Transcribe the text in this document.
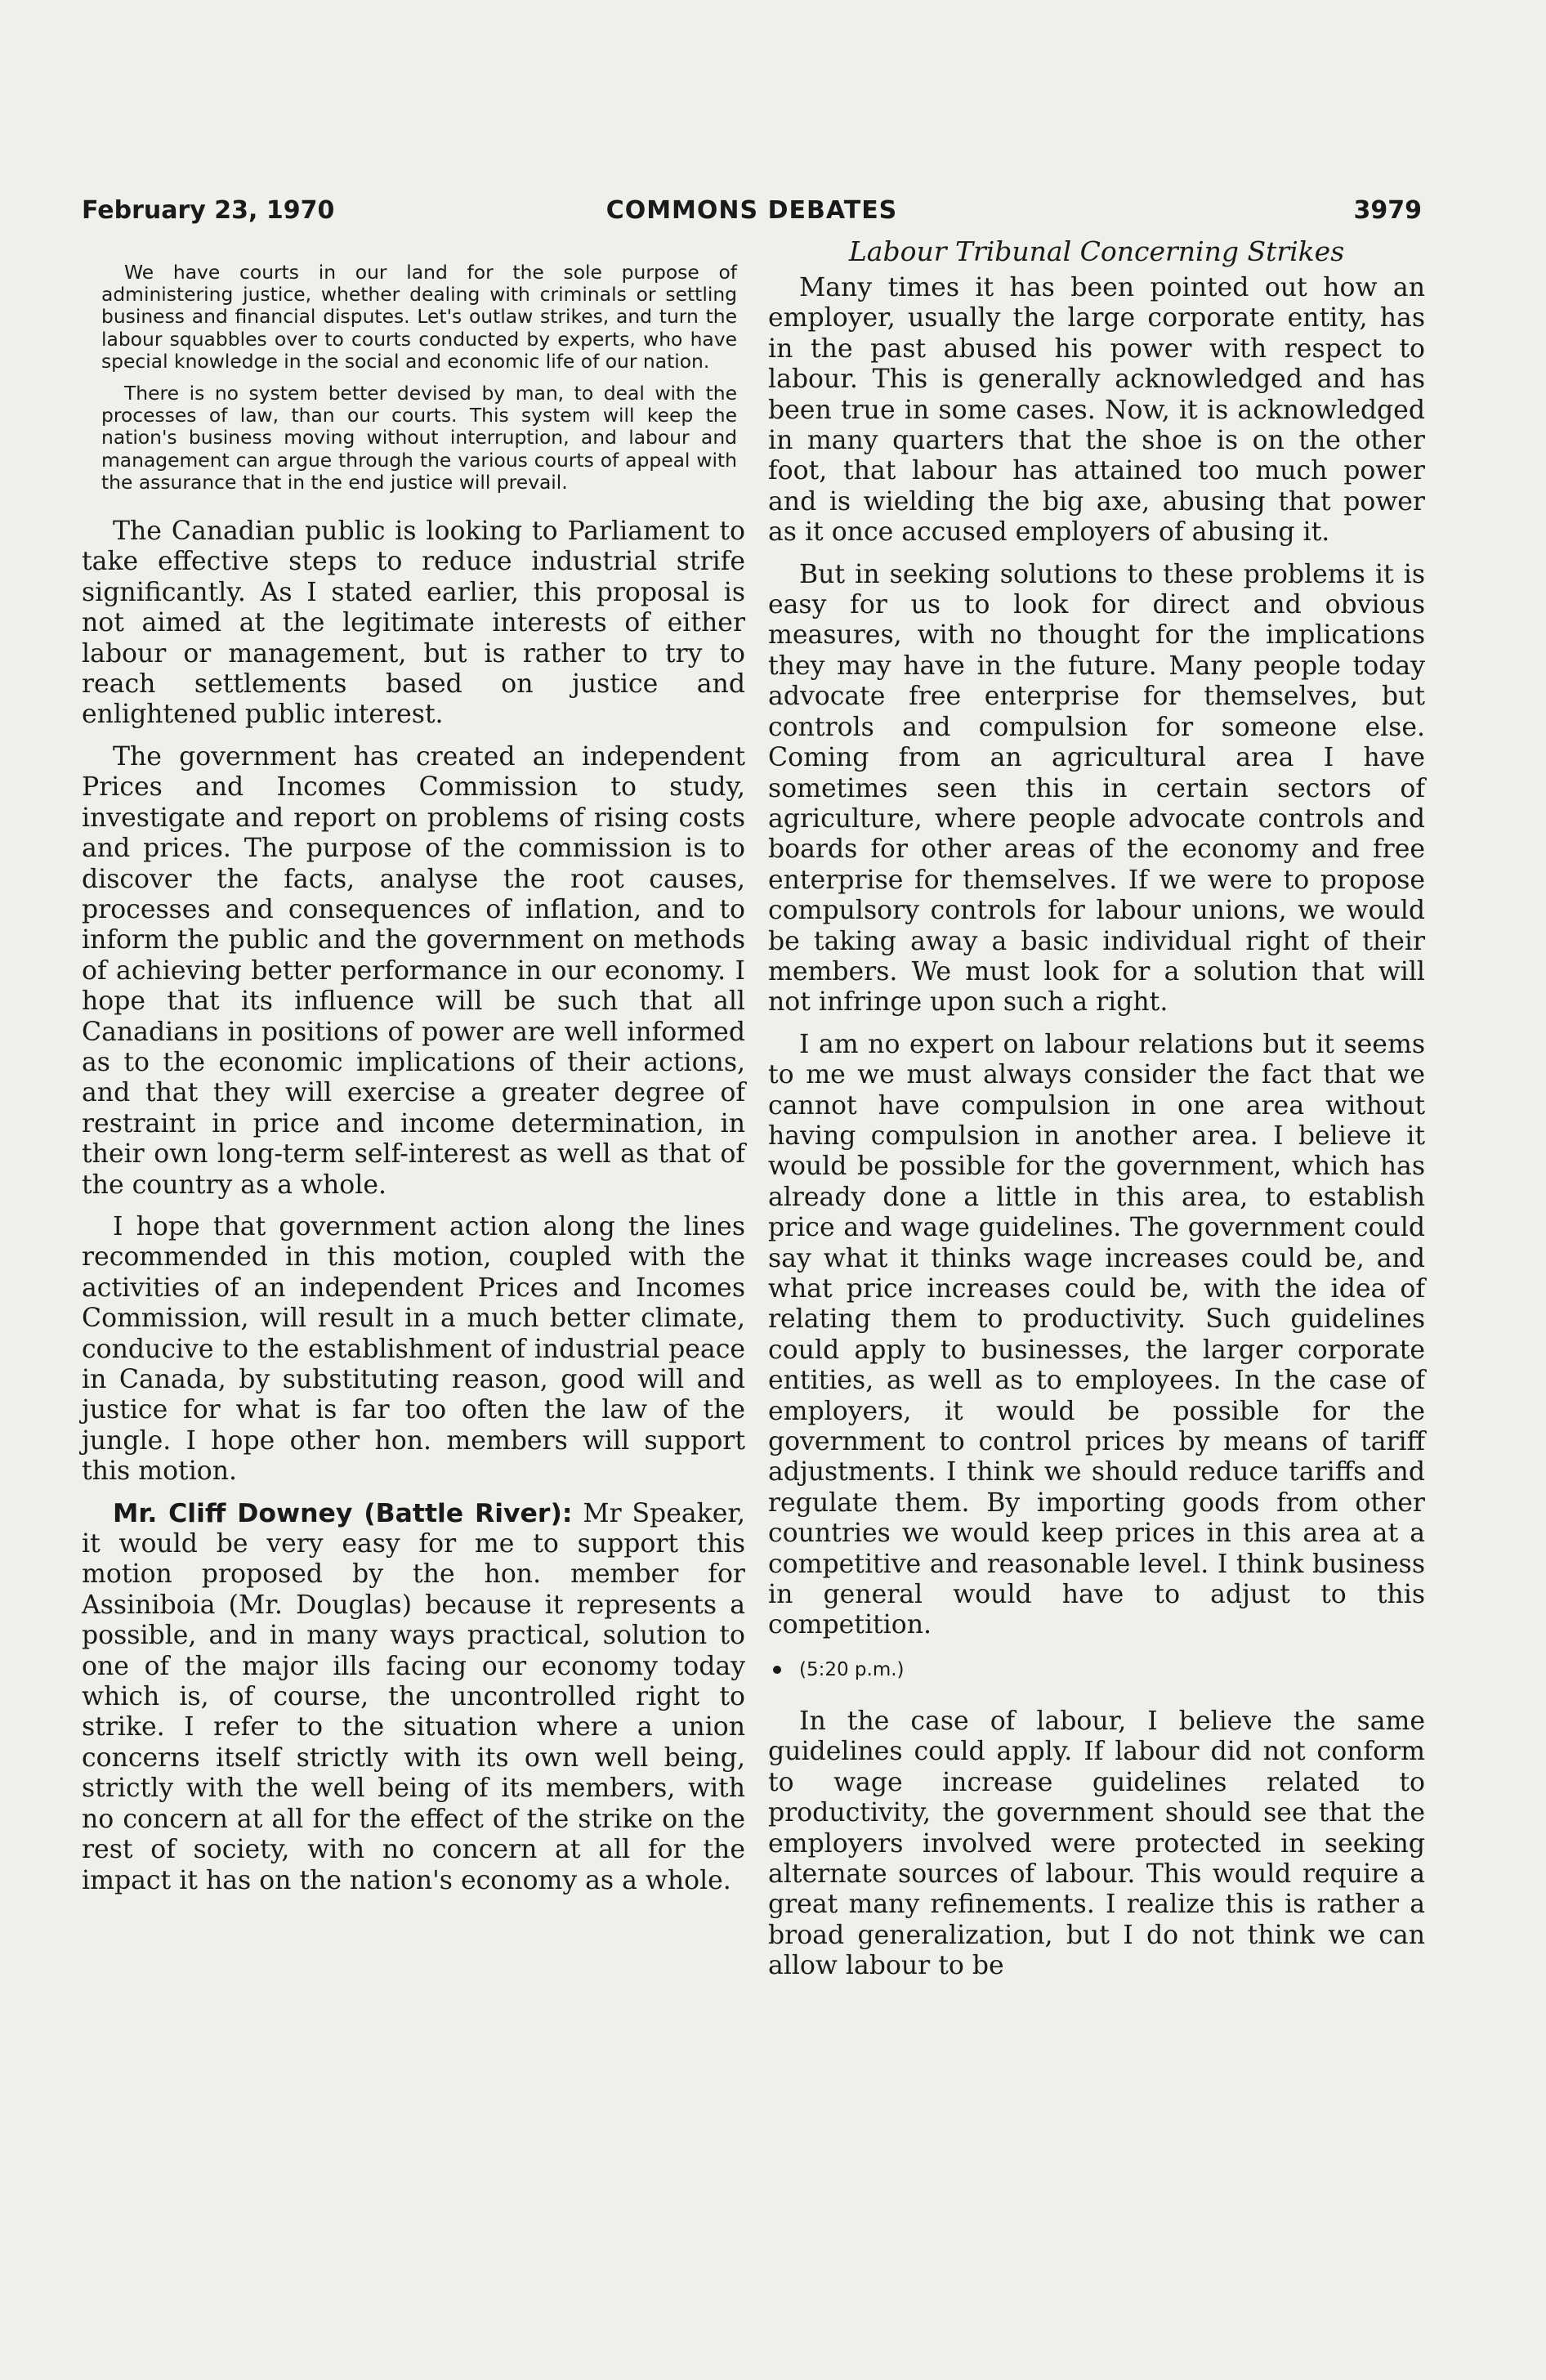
February 23, 1970	COMMONS DEBATES	3979

We have courts in our land for the sole purpose of administering justice, whether dealing with criminals or settling business and financial disputes. Let's outlaw strikes, and turn the labour squabbles over to courts conducted by experts, who have special knowledge in the social and economic life of our nation.

There is no system better devised by man, to deal with the processes of law, than our courts. This system will keep the nation's business moving without interruption, and labour and management can argue through the various courts of appeal with the assurance that in the end justice will prevail.

The Canadian public is looking to Parliament to take effective steps to reduce industrial strife significantly. As I stated earlier, this proposal is not aimed at the legitimate interests of either labour or management, but is rather to try to reach settlements based on justice and enlightened public interest.

The government has created an independent Prices and Incomes Commission to study, investigate and report on problems of rising costs and prices. The purpose of the commission is to discover the facts, analyse the root causes, processes and consequences of inflation, and to inform the public and the government on methods of achieving better performance in our economy. I hope that its influence will be such that all Canadians in positions of power are well informed as to the economic implications of their actions, and that they will exercise a greater degree of restraint in price and income determination, in their own long-term self-interest as well as that of the country as a whole.

I hope that government action along the lines recommended in this motion, coupled with the activities of an independent Prices and Incomes Commission, will result in a much better climate, conducive to the establishment of industrial peace in Canada, by substituting reason, good will and justice for what is far too often the law of the jungle. I hope other hon. members will support this motion.

Mr. Cliff Downey (Battle River): Mr Speaker, it would be very easy for me to support this motion proposed by the hon. member for Assiniboia (Mr. Douglas) because it represents a possible, and in many ways practical, solution to one of the major ills facing our economy today which is, of course, the uncontrolled right to strike. I refer to the situation where a union concerns itself strictly with its own well being, strictly with the well being of its members, with no concern at all for the effect of the strike on the rest of society, with no concern at all for the impact it has on the nation's economy as a whole.

Labour Tribunal Concerning Strikes

Many times it has been pointed out how an employer, usually the large corporate entity, has in the past abused his power with respect to labour. This is generally acknowledged and has been true in some cases. Now, it is acknowledged in many quarters that the shoe is on the other foot, that labour has attained too much power and is wielding the big axe, abusing that power as it once accused employers of abusing it.

But in seeking solutions to these problems it is easy for us to look for direct and obvious measures, with no thought for the implications they may have in the future. Many people today advocate free enterprise for themselves, but controls and compulsion for someone else. Coming from an agricultural area I have sometimes seen this in certain sectors of agriculture, where people advocate controls and boards for other areas of the economy and free enterprise for themselves. If we were to propose compulsory controls for labour unions, we would be taking away a basic individual right of their members. We must look for a solution that will not infringe upon such a right.

I am no expert on labour relations but it seems to me we must always consider the fact that we cannot have compulsion in one area without having compulsion in another area. I believe it would be possible for the government, which has already done a little in this area, to establish price and wage guidelines. The government could say what it thinks wage increases could be, and what price increases could be, with the idea of relating them to productivity. Such guidelines could apply to businesses, the larger corporate entities, as well as to employees. In the case of employers, it would be possible for the government to control prices by means of tariff adjustments. I think we should reduce tariffs and regulate them. By importing goods from other countries we would keep prices in this area at a competitive and reasonable level. I think business in general would have to adjust to this competition.

(5:20 p.m.)

In the case of labour, I believe the same guidelines could apply. If labour did not conform to wage increase guidelines related to productivity, the government should see that the employers involved were protected in seeking alternate sources of labour. This would require a great many refinements. I realize this is rather a broad generalization, but I do not think we can allow labour to be
